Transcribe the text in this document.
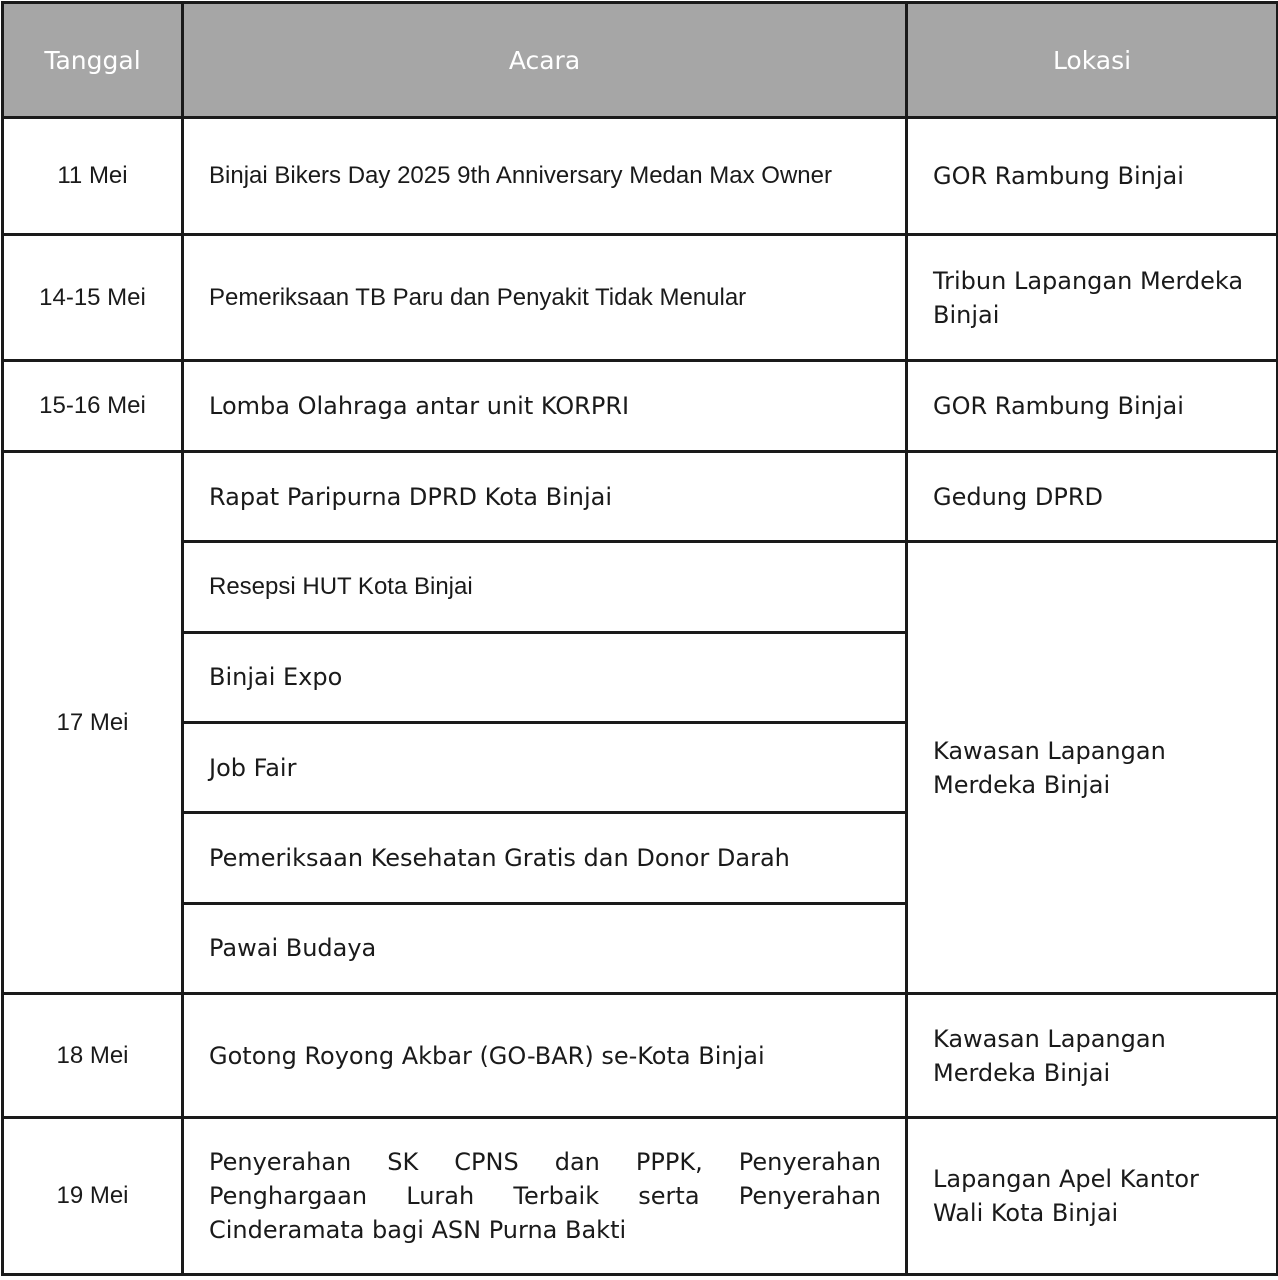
Tanggal	Acara	Lokasi
11 Mei	Binjai Bikers Day 2025 9th Anniversary Medan Max Owner	GOR Rambung Binjai
14-15 Mei	Pemeriksaan TB Paru dan Penyakit Tidak Menular	Tribun Lapangan Merdeka Binjai
15-16 Mei	Lomba Olahraga antar unit KORPRI	GOR Rambung Binjai
17 Mei	Rapat Paripurna DPRD Kota Binjai	Gedung DPRD
	Resepsi HUT Kota Binjai	Kawasan Lapangan Merdeka Binjai
	Binjai Expo	
	Job Fair	
	Pemeriksaan Kesehatan Gratis dan Donor Darah	
	Pawai Budaya	
18 Mei	Gotong Royong Akbar (GO-BAR) se-Kota Binjai	Kawasan Lapangan Merdeka Binjai
19 Mei	Penyerahan SK CPNS dan PPPK, Penyerahan Penghargaan Lurah Terbaik serta Penyerahan Cinderamata bagi ASN Purna Bakti	Lapangan Apel Kantor Wali Kota Binjai
